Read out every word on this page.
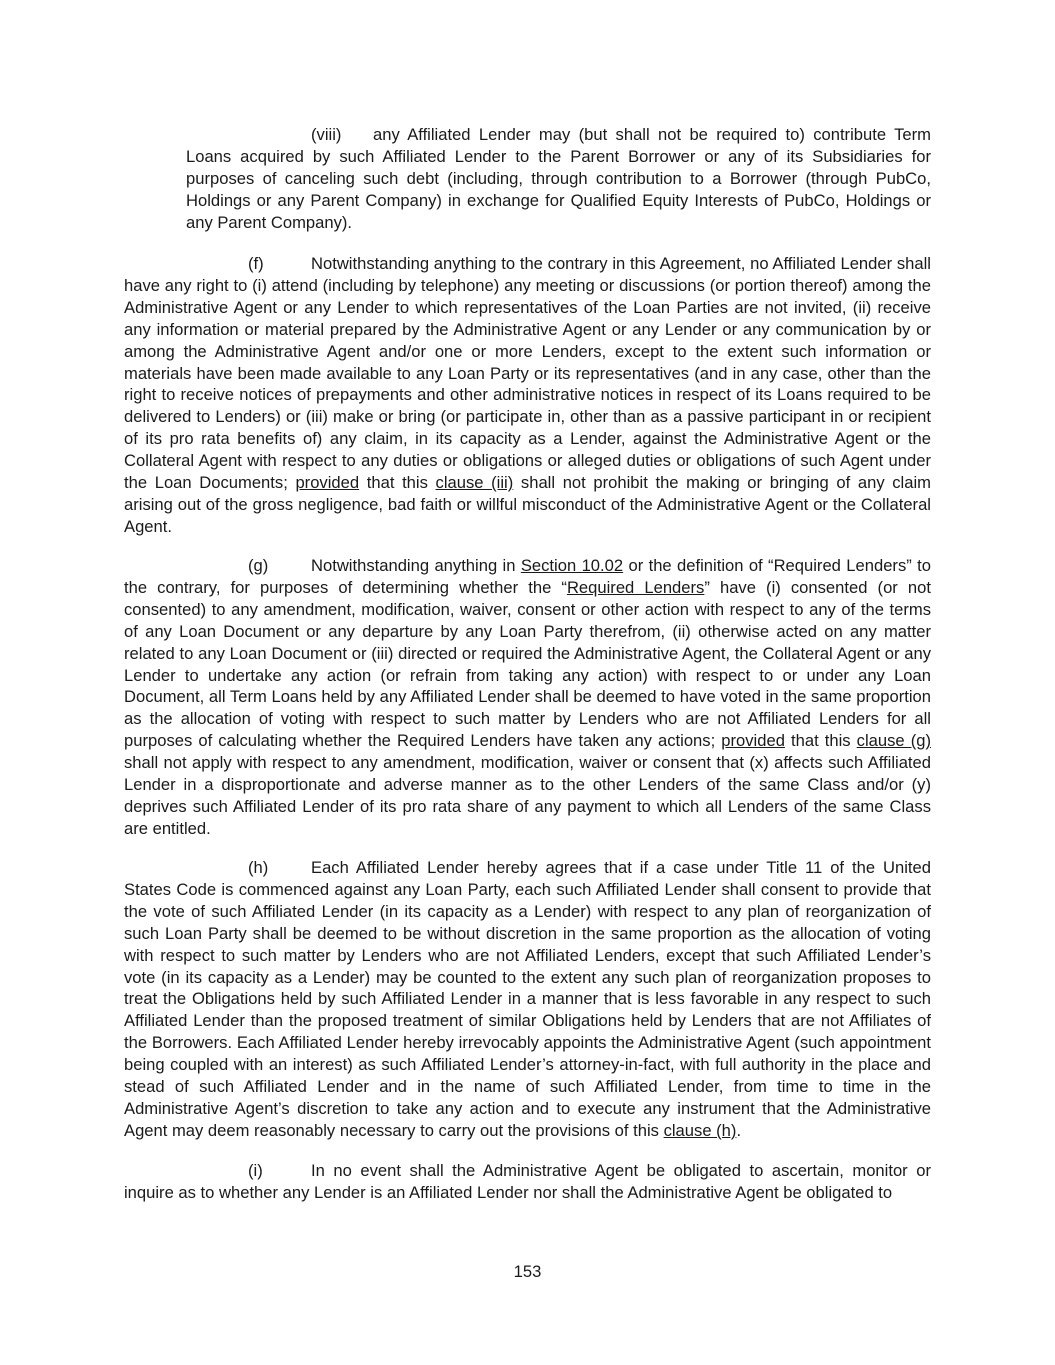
(viii) any Affiliated Lender may (but shall not be required to) contribute Term Loans acquired by such Affiliated Lender to the Parent Borrower or any of its Subsidiaries for purposes of canceling such debt (including, through contribution to a Borrower (through PubCo, Holdings or any Parent Company) in exchange for Qualified Equity Interests of PubCo, Holdings or any Parent Company).

(f)	Notwithstanding anything to the contrary in this Agreement, no Affiliated Lender shall have any right to (i) attend (including by telephone) any meeting or discussions (or portion thereof) among the Administrative Agent or any Lender to which representatives of the Loan Parties are not invited, (ii) receive any information or material prepared by the Administrative Agent or any Lender or any communication by or among the Administrative Agent and/or one or more Lenders, except to the extent such information or materials have been made available to any Loan Party or its representatives (and in any case, other than the right to receive notices of prepayments and other administrative notices in respect of its Loans required to be delivered to Lenders) or (iii) make or bring (or participate in, other than as a passive participant in or recipient of its pro rata benefits of) any claim, in its capacity as a Lender, against the Administrative Agent or the Collateral Agent with respect to any duties or obligations or alleged duties or obligations of such Agent under the Loan Documents; provided that this clause (iii) shall not prohibit the making or bringing of any claim arising out of the gross negligence, bad faith or willful misconduct of the Administrative Agent or the Collateral Agent.

(g)	Notwithstanding anything in Section 10.02 or the definition of “Required Lenders” to the contrary, for purposes of determining whether the “Required Lenders” have (i) consented (or not consented) to any amendment, modification, waiver, consent or other action with respect to any of the terms of any Loan Document or any departure by any Loan Party therefrom, (ii) otherwise acted on any matter related to any Loan Document or (iii) directed or required the Administrative Agent, the Collateral Agent or any Lender to undertake any action (or refrain from taking any action) with respect to or under any Loan Document, all Term Loans held by any Affiliated Lender shall be deemed to have voted in the same proportion as the allocation of voting with respect to such matter by Lenders who are not Affiliated Lenders for all purposes of calculating whether the Required Lenders have taken any actions; provided that this clause (g) shall not apply with respect to any amendment, modification, waiver or consent that (x) affects such Affiliated Lender in a disproportionate and adverse manner as to the other Lenders of the same Class and/or (y) deprives such Affiliated Lender of its pro rata share of any payment to which all Lenders of the same Class are entitled.

(h)	Each Affiliated Lender hereby agrees that if a case under Title 11 of the United States Code is commenced against any Loan Party, each such Affiliated Lender shall consent to provide that the vote of such Affiliated Lender (in its capacity as a Lender) with respect to any plan of reorganization of such Loan Party shall be deemed to be without discretion in the same proportion as the allocation of voting with respect to such matter by Lenders who are not Affiliated Lenders, except that such Affiliated Lender’s vote (in its capacity as a Lender) may be counted to the extent any such plan of reorganization proposes to treat the Obligations held by such Affiliated Lender in a manner that is less favorable in any respect to such Affiliated Lender than the proposed treatment of similar Obligations held by Lenders that are not Affiliates of the Borrowers. Each Affiliated Lender hereby irrevocably appoints the Administrative Agent (such appointment being coupled with an interest) as such Affiliated Lender’s attorney-in-fact, with full authority in the place and stead of such Affiliated Lender and in the name of such Affiliated Lender, from time to time in the Administrative Agent’s discretion to take any action and to execute any instrument that the Administrative Agent may deem reasonably necessary to carry out the provisions of this clause (h).

(i)	In no event shall the Administrative Agent be obligated to ascertain, monitor or inquire as to whether any Lender is an Affiliated Lender nor shall the Administrative Agent be obligated to

153
